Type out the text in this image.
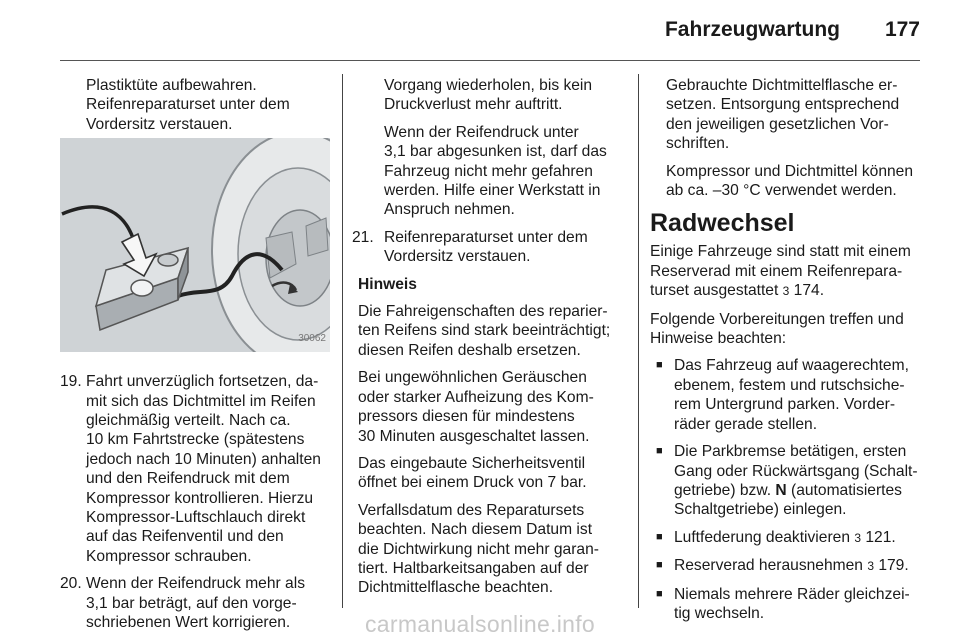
Fahrzeugwartung 177
Plastiktüte aufbewahren.
Reifenreparaturset unter dem
Vordersitz verstauen.
30062
19. Fahrt unverzüglich fortsetzen, da-
mit sich das Dichtmittel im Reifen
gleichmäßig verteilt. Nach ca.
10 km Fahrtstrecke (spätestens
jedoch nach 10 Minuten) anhalten
und den Reifendruck mit dem
Kompressor kontrollieren. Hierzu
Kompressor-Luftschlauch direkt
auf das Reifenventil und den
Kompressor schrauben.
20. Wenn der Reifendruck mehr als
3,1 bar beträgt, auf den vorge-
schriebenen Wert korrigieren.

Vorgang wiederholen, bis kein
Druckverlust mehr auftritt.

Wenn der Reifendruck unter
3,1 bar abgesunken ist, darf das
Fahrzeug nicht mehr gefahren
werden. Hilfe einer Werkstatt in
Anspruch nehmen.

21. Reifenreparaturset unter dem
Vordersitz verstauen.

Hinweis

Die Fahreigenschaften des reparier-
ten Reifens sind stark beeinträchtigt;
diesen Reifen deshalb ersetzen.

Bei ungewöhnlichen Geräuschen
oder starker Aufheizung des Kom-
pressors diesen für mindestens
30 Minuten ausgeschaltet lassen.

Das eingebaute Sicherheitsventil
öffnet bei einem Druck von 7 bar.

Verfallsdatum des Reparatursets
beachten. Nach diesem Datum ist
die Dichtwirkung nicht mehr garan-
tiert. Haltbarkeitsangaben auf der
Dichtmittelflasche beachten.

Gebrauchte Dichtmittelflasche er-
setzen. Entsorgung entsprechend
den jeweiligen gesetzlichen Vor-
schriften.

Kompressor und Dichtmittel können
ab ca. –30 °C verwendet werden.

Radwechsel

Einige Fahrzeuge sind statt mit einem
Reserverad mit einem Reifenrepara-
turset ausgestattet 3 174.

Folgende Vorbereitungen treffen und
Hinweise beachten:

■ Das Fahrzeug auf waagerechtem,
ebenem, festem und rutschsiche-
rem Untergrund parken. Vorder-
räder gerade stellen.
■ Die Parkbremse betätigen, ersten
Gang oder Rückwärtsgang (Schalt-
getriebe) bzw. N (automatisiertes
Schaltgetriebe) einlegen.
■ Luftfederung deaktivieren 3 121.
■ Reserverad herausnehmen 3 179.
■ Niemals mehrere Räder gleichzei-
tig wechseln.
carmanualsonline.info
